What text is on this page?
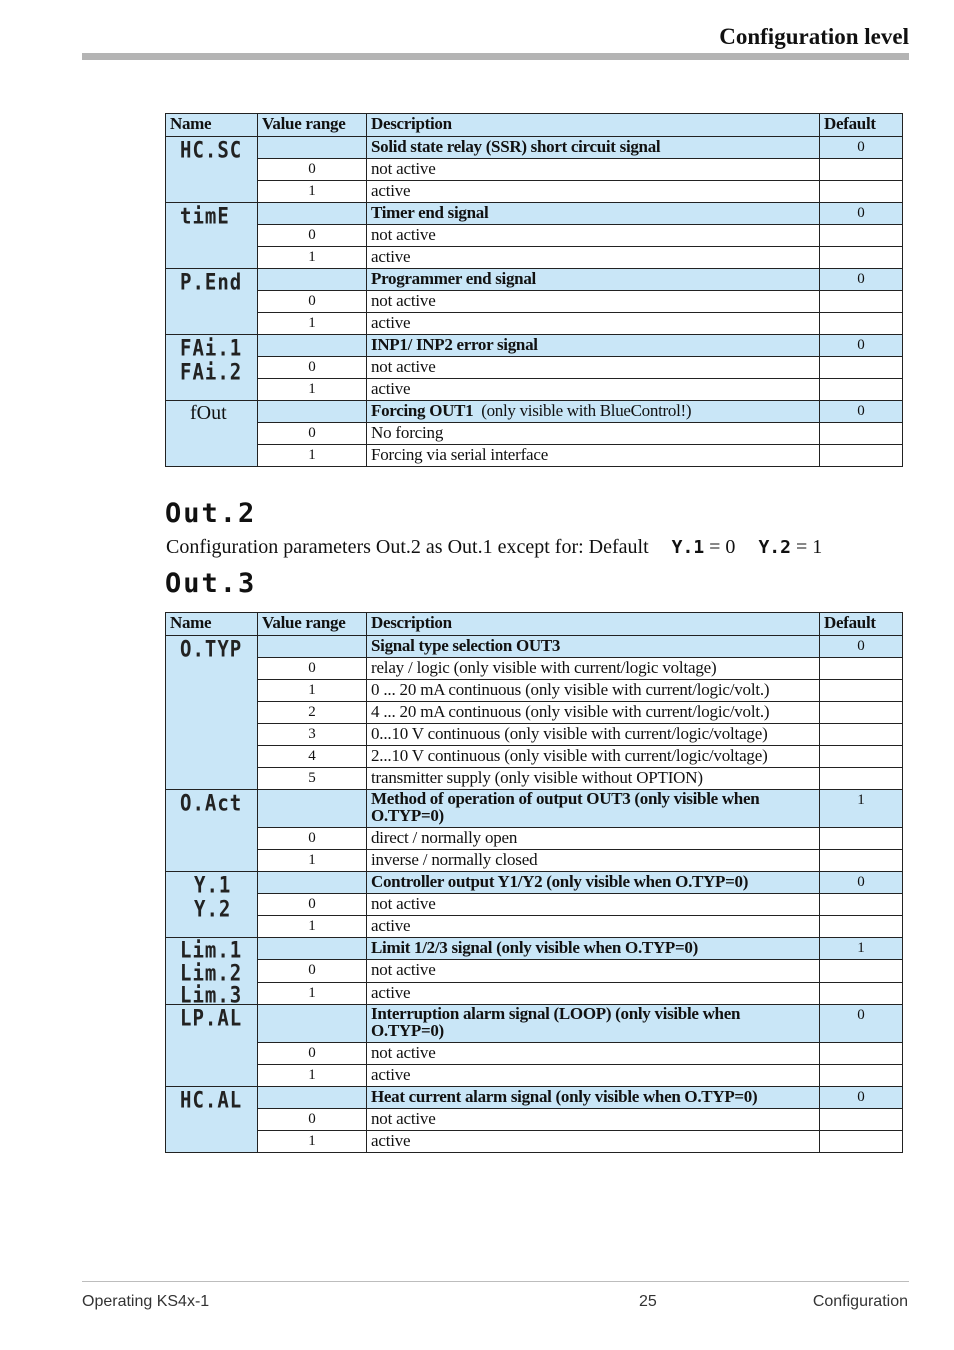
Configuration level
Name	Value range	Description	Default

HC.SC		Solid state relay (SSR) short circuit signal	0
	0	not active	
	1	active	

timE		Timer end signal	0
	0	not active	
	1	active	

P.End		Programmer end signal	0
	0	not active	
	1	active	

FAi.1
FAi.2		INP1/ INP2 error signal	0
	0	not active	
	1	active	
fOut		Forcing OUT1 (only visible with BlueControl!)	0
	0	No forcing	
	1	Forcing via serial interface	
Out.2
Configuration parameters Out.2 as Out.1 except for: Default Y.1 = 0 Y.2 = 1
Out.3
Name	Value range	Description	Default

O.TYP		Signal type selection OUT3	0
	0	relay / logic (only visible with current/logic voltage)	
	1	0 ... 20 mA continuous (only visible with current/logic/volt.)	
	2	4 ... 20 mA continuous (only visible with current/logic/volt.)	
	3	0...10 V continuous (only visible with current/logic/voltage)	
	4	2...10 V continuous (only visible with current/logic/voltage)	
	5	transmitter supply (only visible without OPTION)	

O.Act		Method of operation of output OUT3 (only visible when O.TYP=0)	1
	0	direct / normally open	
	1	inverse / normally closed	

Y.1
Y.2		Controller output Y1/Y2 (only visible when O.TYP=0)	0
	0	not active	
	1	active	

Lim.1
Lim.2
Lim.3		Limit 1/2/3 signal (only visible when O.TYP=0)	1
	0	not active	
	1	active	

LP.AL		Interruption alarm signal (LOOP) (only visible when O.TYP=0)	0
	0	not active	
	1	active	

HC.AL		Heat current alarm signal (only visible when O.TYP=0)	0
	0	not active	
	1	active	
Operating KS4x-1	25	Configuration
